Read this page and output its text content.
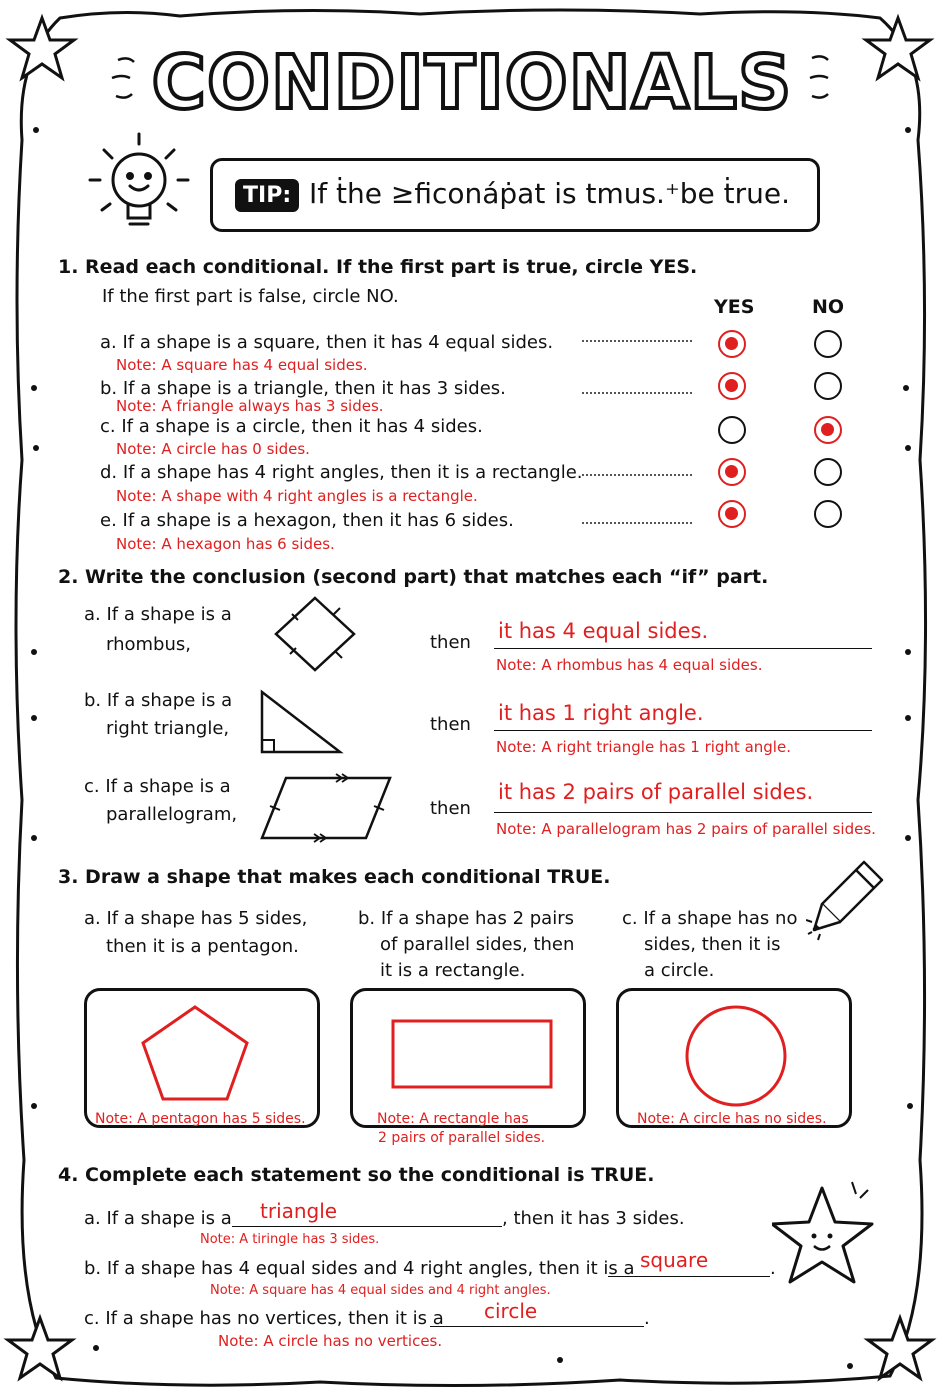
CONDITIONALS
TIP: If ṫhe ≥ficonáṗat is tmus.⁺be ṫrue.
1. Read each conditional. If the first part is true, circle YES.
If the first part is false, circle NO.	YES	NO
a. If a shape is a square, then it has 4 equal sides.
Note: A square has 4 equal sides.
b. If a shape is a triangle, then it has 3 sides.
Note: A friangle always has 3 sides.
c. If a shape is a circle, then it has 4 sides.
Note: A circle has 0 sides.
d. If a shape has 4 right angles, then it is a rectangle.
Note: A shape with 4 right angles is a rectangle.
e. If a shape is a hexagon, then it has 6 sides.
Note: A hexagon has 6 sides.
2. Write the conclusion (second part) that matches each “if” part.
a. If a shape is a
rhombus,	then it has 4 equal sides.
Note: A rhombus has 4 equal sides.
b. If a shape is a
right triangle,	then it has 1 right angle.
Note: A right triangle has 1 right angle.
c. If a shape is a
parallelogram,	then
it has 2 pairs of parallel sides.
Note: A parallelogram has 2 pairs of parallel sides.
3. Draw a shape that makes each conditional TRUE.
a. If a shape has 5 sides,
then it is a pentagon.
b. If a shape has 2 pairs
of parallel sides, then
it is a rectangle.
c. If a shape has no
sides, then it is
a circle.
Note: A pentagon has 5 sides.	Note: A rectangle has
2 pairs of parallel sides.
Note: A circle has no sides.
4. Complete each statement so the conditional is TRUE.
a. If a shape is a triangle	, then it has 3 sides.
Note: A tiringle has 3 sides.
b. If a shape has 4 equal sides and 4 right angles, then it is a square	.
Note: A square has 4 equal sides and 4 right angles.
c. If a shape has no vertices, then it is a circle	.
Note: A circle has no vertices.
